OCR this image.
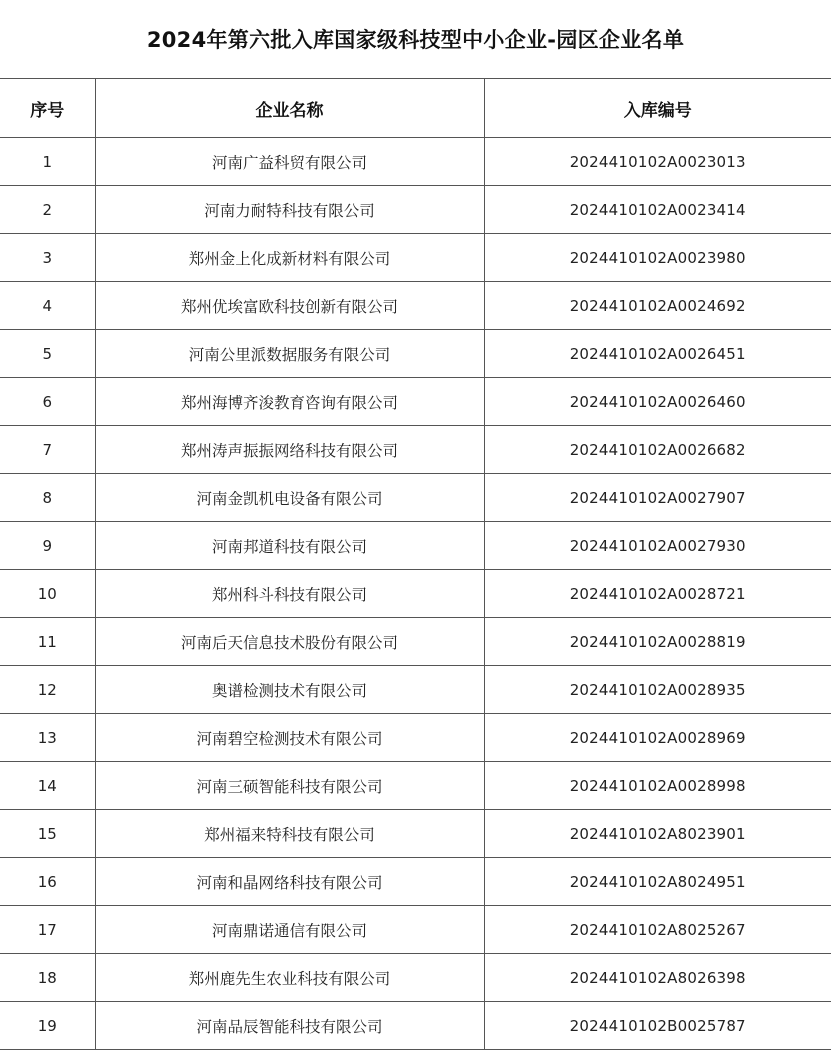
2024年第六批入库国家级科技型中小企业-园区企业名单
序号	企业名称	入库编号
1	河南广益科贸有限公司	2024410102A0023013
2	河南力耐特科技有限公司	2024410102A0023414
3	郑州金上化成新材料有限公司	2024410102A0023980
4	郑州优埃富欧科技创新有限公司	2024410102A0024692
5	河南公里派数据服务有限公司	2024410102A0026451
6	郑州海博齐浚教育咨询有限公司	2024410102A0026460
7	郑州涛声振振网络科技有限公司	2024410102A0026682
8	河南金凯机电设备有限公司	2024410102A0027907
9	河南邦道科技有限公司	2024410102A0027930
10	郑州科斗科技有限公司	2024410102A0028721
11	河南后天信息技术股份有限公司	2024410102A0028819
12	奥谱检测技术有限公司	2024410102A0028935
13	河南碧空检测技术有限公司	2024410102A0028969
14	河南三硕智能科技有限公司	2024410102A0028998
15	郑州福来特科技有限公司	2024410102A8023901
16	河南和晶网络科技有限公司	2024410102A8024951
17	河南鼎诺通信有限公司	2024410102A8025267
18	郑州鹿先生农业科技有限公司	2024410102A8026398
19	河南品辰智能科技有限公司	2024410102B0025787
